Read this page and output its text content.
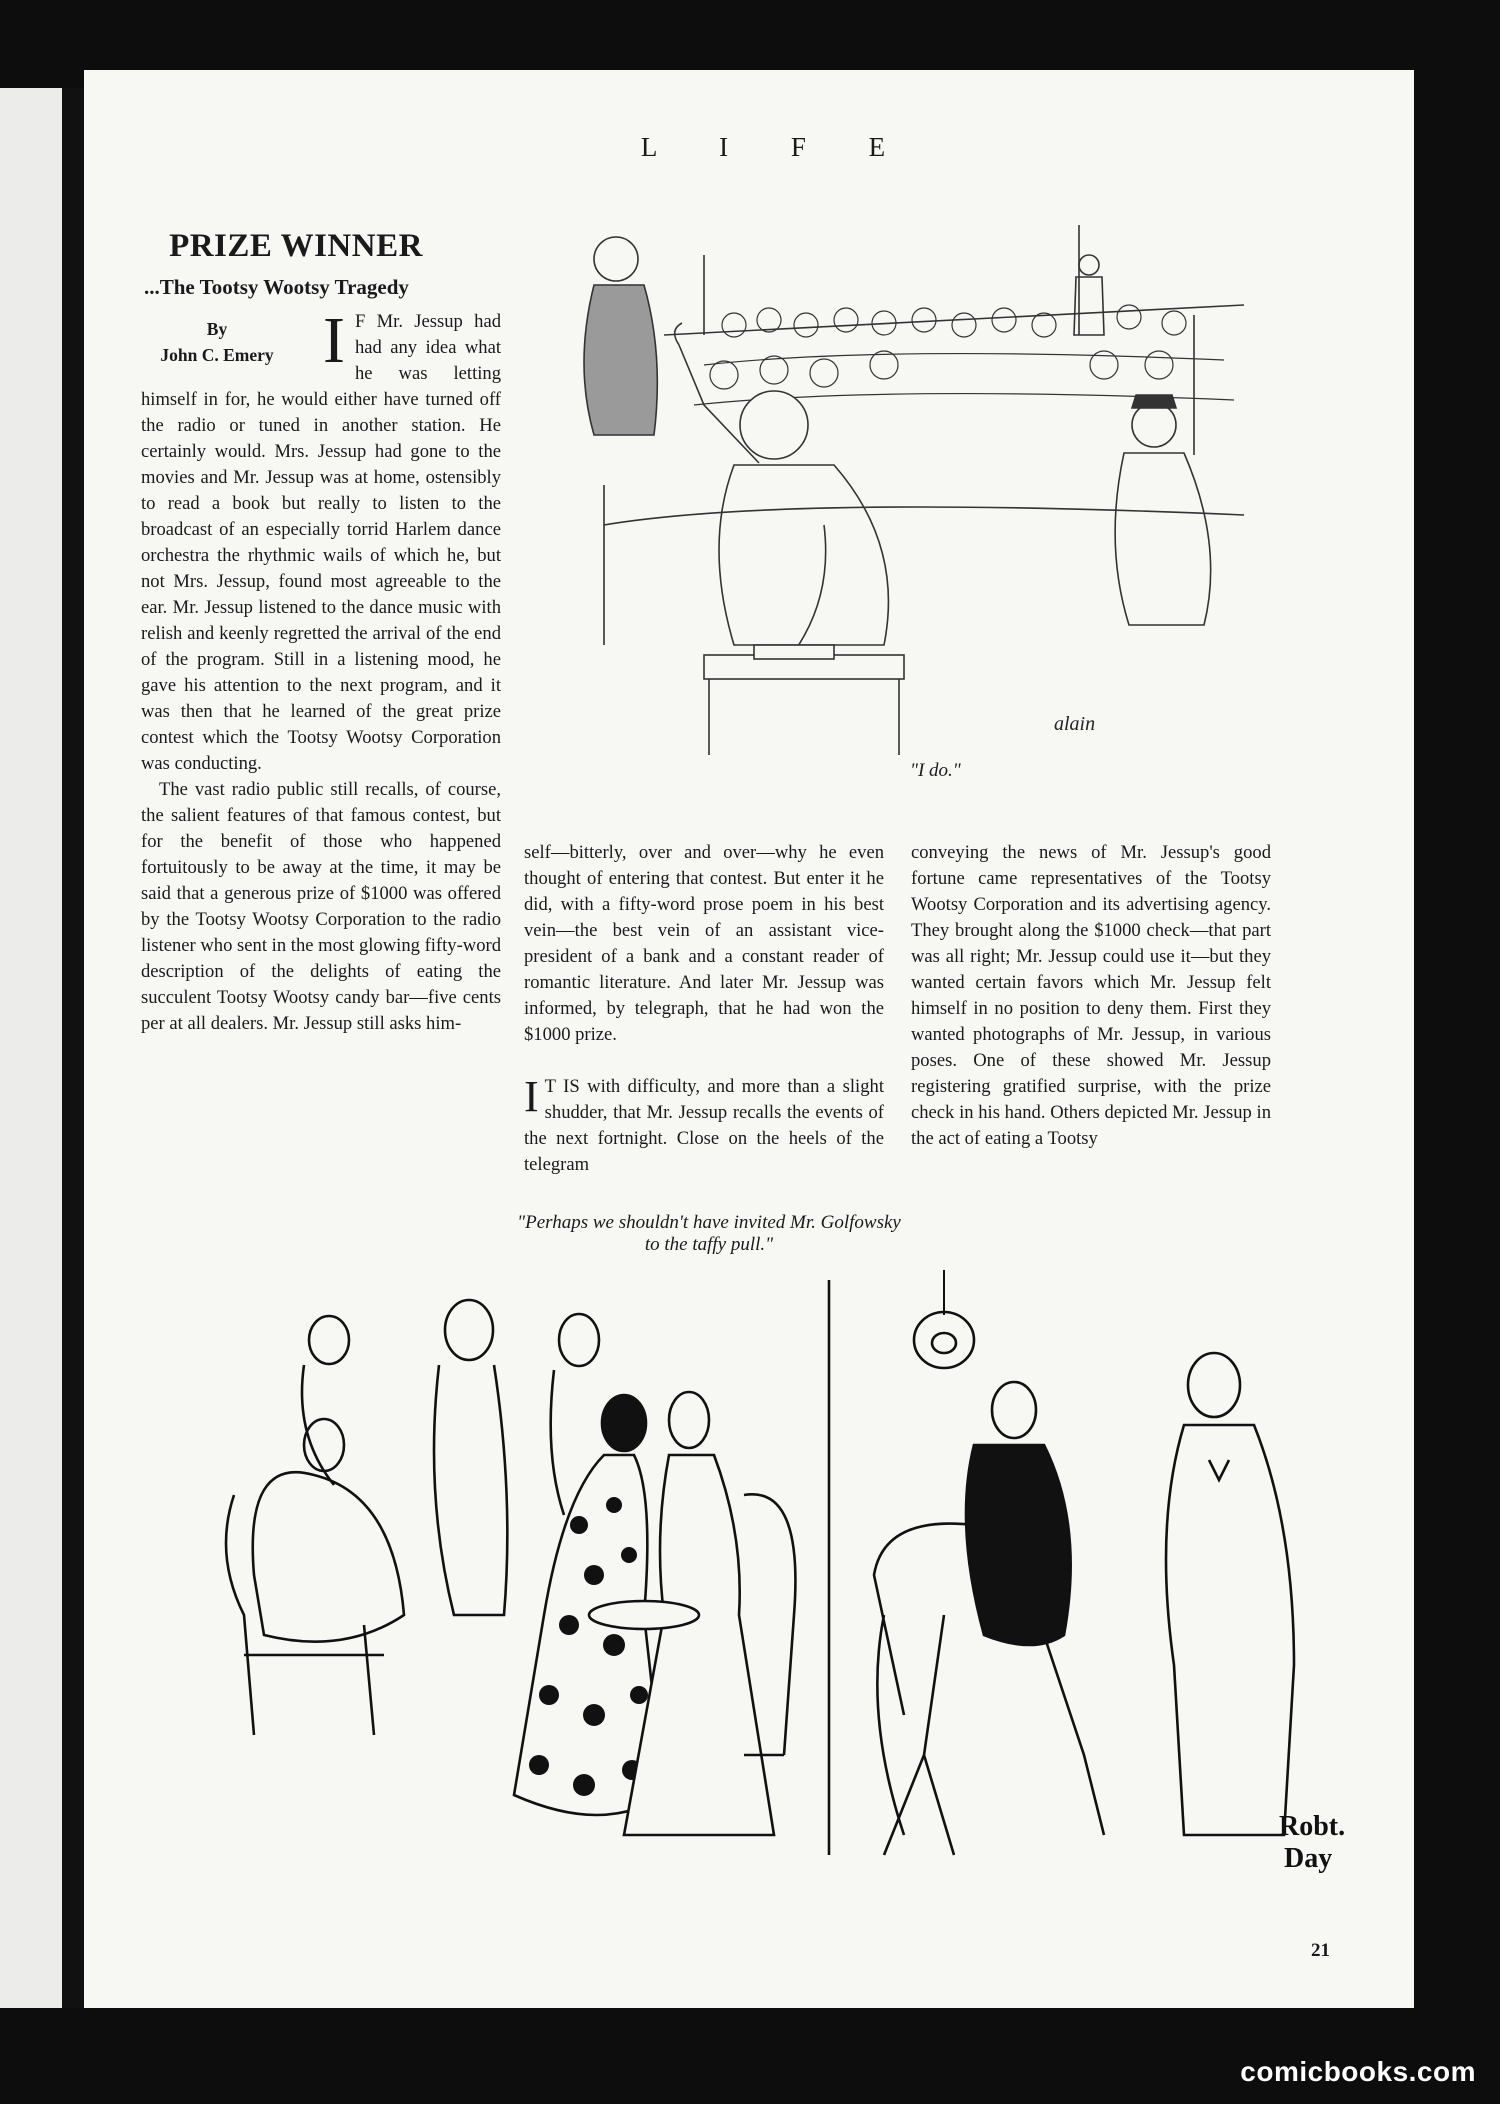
L I F E
PRIZE WINNER
...The Tootsy Wootsy Tragedy
By
John C. Emery I F Mr. Jessup had had any idea what he was letting himself in for, he would either have turned off the radio or tuned in another station. He certainly would. Mrs. Jessup had gone to the movies and Mr. Jessup was at home, ostensibly to read a book but really to listen to the broadcast of an especially torrid Harlem dance orchestra the rhythmic wails of which he, but not Mrs. Jessup, found most agreeable to the ear. Mr. Jessup listened to the dance music with relish and keenly regretted the arrival of the end of the program. Still in a listening mood, he gave his attention to the next program, and it was then that he learned of the great prize contest which the Tootsy Wootsy Corporation was conducting.

The vast radio public still recalls, of course, the salient features of that famous contest, but for the benefit of those who happened fortuitously to be away at the time, it may be said that a generous prize of $1000 was offered by the Tootsy Wootsy Corporation to the radio listener who sent in the most glowing fifty-word description of the delights of eating the succulent Tootsy Wootsy candy bar—five cents per at all dealers. Mr. Jessup still asks him-

self—bitterly, over and over—why he even thought of entering that contest. But enter it he did, with a fifty-word prose poem in his best vein—the best vein of an assistant vice-president of a bank and a constant reader of romantic literature. And later Mr. Jessup was informed, by telegraph, that he had won the $1000 prize.

I T IS with difficulty, and more than a slight shudder, that Mr. Jessup recalls the events of the next fortnight. Close on the heels of the telegram

conveying the news of Mr. Jessup's good fortune came representatives of the Tootsy Wootsy Corporation and its advertising agency. They brought along the $1000 check—that part was all right; Mr. Jessup could use it—but they wanted certain favors which Mr. Jessup felt himself in no position to deny them. First they wanted photographs of Mr. Jessup, in various poses. One of these showed Mr. Jessup registering gratified surprise, with the prize check in his hand. Others depicted Mr. Jessup in the act of eating a Tootsy

alain
"I do."
Robt.
Day
"Perhaps we shouldn't have invited Mr. Golfowsky to the taffy pull."
21
comicbooks.com
